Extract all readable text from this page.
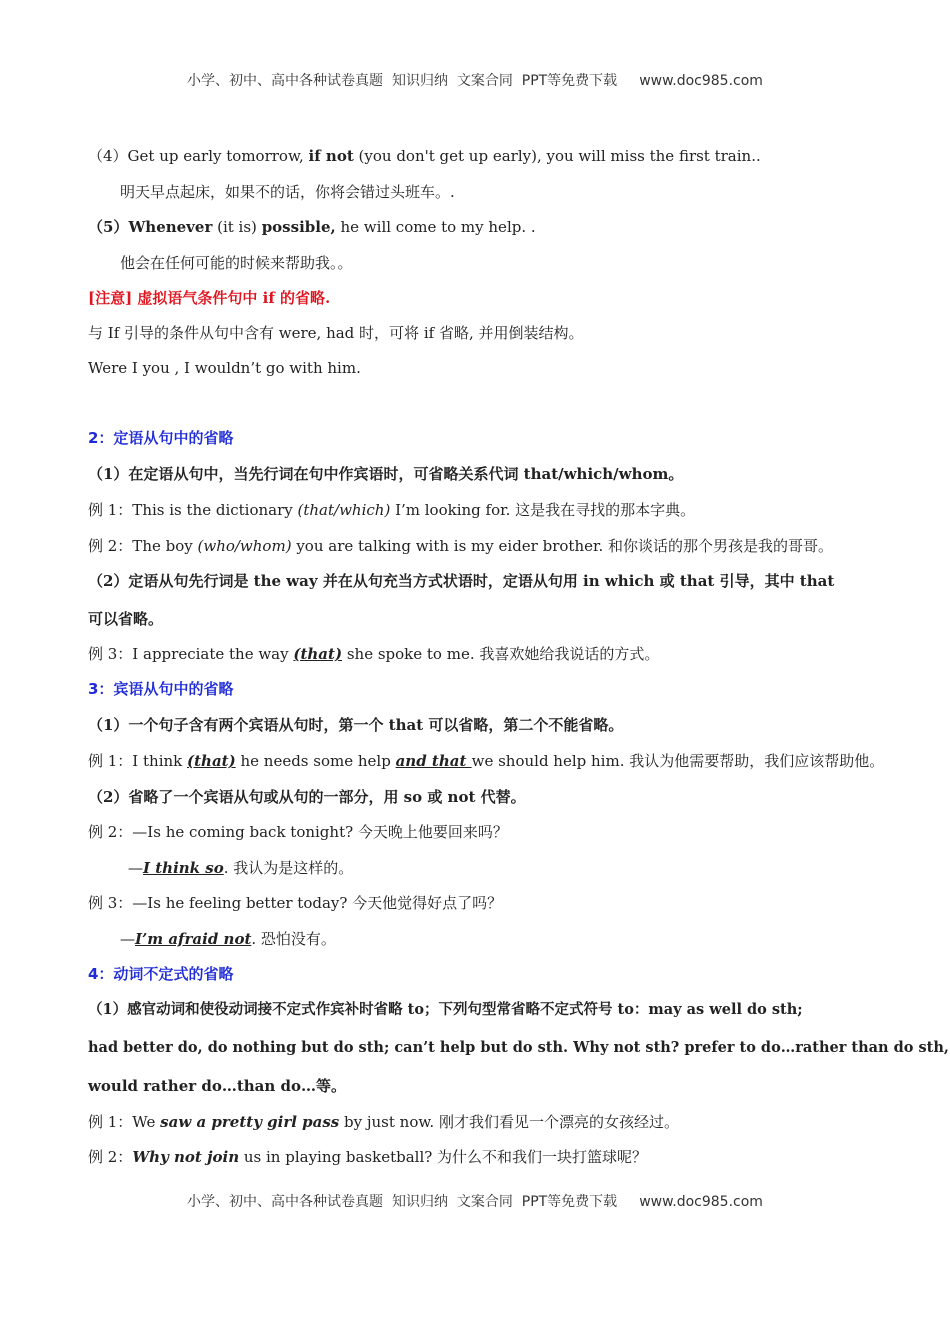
小学、初中、高中各种试卷真题  知识归纳  文案合同  PPT等免费下载 www.doc985.com
（4）Get up early tomorrow, if not (you don't get up early), you will miss the first train..
明天早点起床，如果不的话，你将会错过头班车。.
（5）Whenever (it is) possible, he will come to my help. .
他会在任何可能的时候来帮助我。。
[注意] 虚拟语气条件句中 if 的省略.
与 If 引导的条件从句中含有 were, had 时，可将 if 省略, 并用倒装结构。
Were I you , I wouldn’t go with him.
2：定语从句中的省略
（1）在定语从句中，当先行词在句中作宾语时，可省略关系代词 that/which/whom。
例 1：This is the dictionary (that/which) I’m looking for. 这是我在寻找的那本字典。
例 2：The boy (who/whom) you are talking with is my eider brother. 和你谈话的那个男孩是我的哥哥。
（2）定语从句先行词是 the way 并在从句充当方式状语时，定语从句用 in which 或 that 引导，其中 that
可以省略。
例 3：I appreciate the way (that) she spoke to me. 我喜欢她给我说话的方式。
3：宾语从句中的省略
（1）一个句子含有两个宾语从句时，第一个 that 可以省略，第二个不能省略。
例 1：I think (that) he needs some help and that we should help him. 我认为他需要帮助，我们应该帮助他。
（2）省略了一个宾语从句或从句的一部分，用 so 或 not 代替。
例 2：—Is he coming back tonight? 今天晚上他要回来吗？
—I think so. 我认为是这样的。
例 3：—Is he feeling better today? 今天他觉得好点了吗？
—I’m afraid not. 恐怕没有。
4：动词不定式的省略
（1）感官动词和使役动词接不定式作宾补时省略 to；下列句型常省略不定式符号 to：may as well do sth;
had better do, do nothing but do sth; can’t help but do sth. Why not sth? prefer to do…rather than do sth,
would rather do…than do…等。
例 1：We saw a pretty girl pass by just now. 刚才我们看见一个漂亮的女孩经过。
例 2：Why not join us in playing basketball? 为什么不和我们一块打篮球呢？
小学、初中、高中各种试卷真题  知识归纳  文案合同  PPT等免费下载 www.doc985.com
